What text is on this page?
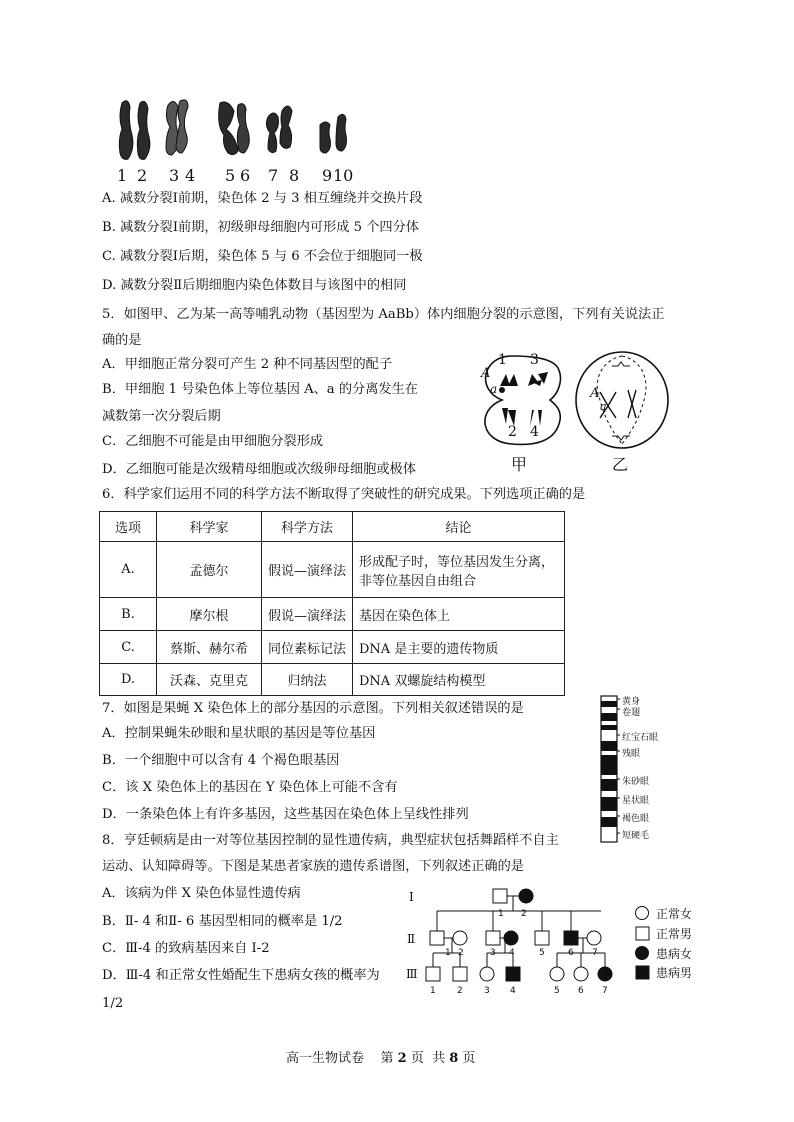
1 2 3 4 5 6 7 8 9 10
A. 减数分裂Ⅰ前期，染色体 2 与 3 相互缠绕并交换片段
B. 减数分裂Ⅰ前期，初级卵母细胞内可形成 5 个四分体
C. 减数分裂Ⅰ后期，染色体 5 与 6 不会位于细胞同一极
D. 减数分裂Ⅱ后期细胞内染色体数目与该图中的相同
5．如图甲、乙为某一高等哺乳动物（基因型为 AaBb）体内细胞分裂的示意图，下列有关说法正
确的是
A．甲细胞正常分裂可产生 2 种不同基因型的配子
B．甲细胞 1 号染色体上等位基因 A、a 的分离发生在
减数第一次分裂后期
C．乙细胞不可能是由甲细胞分裂形成
D．乙细胞可能是次级精母细胞或次级卵母细胞或极体
1 3
A
a
2 4
A
a
甲	乙
6．科学家们运用不同的科学方法不断取得了突破性的研究成果。下列选项正确的是
选项	科学家	科学方法	结论
A.	孟德尔	假说—演绎法	形成配子时，等位基因发生分离，
非等位基因自由组合

B.	摩尔根	假说—演绎法	基因在染色体上
C.	蔡斯、赫尔希	同位素标记法	DNA 是主要的遗传物质
D.	沃森、克里克	归纳法	DNA 双螺旋结构模型
7．如图是果蝇 X 染色体上的部分基因的示意图。下列相关叙述错误的是
A．控制果蝇朱砂眼和星状眼的基因是等位基因
B．一个细胞中可以含有 4 个褐色眼基因
C．该 X 染色体上的基因在 Y 染色体上可能不含有
D．一条染色体上有许多基因，这些基因在染色体上呈线性排列
黄身
卷翅
红宝石眼
残眼
朱砂眼
星状眼
褐色眼
短硬毛
8．亨廷顿病是由一对等位基因控制的显性遗传病，典型症状包括舞蹈样不自主
运动、认知障碍等。下图是某患者家族的遗传系谱图，下列叙述正确的是
A．该病为伴 X 染色体显性遗传病
B．Ⅱ- 4 和Ⅱ- 6 基因型相同的概率是 1/2
C．Ⅲ-4 的致病基因来自 I-2
D．Ⅲ-4 和正常女性婚配生下患病女孩的概率为
1/2
1 2
1 2	3 4	5	6 7
1 2 3 4	5 6 7
Ⅰ
Ⅱ
Ⅲ
正常女
正常男
患病女
患病男
高一生物试卷    第 2 页  共 8 页
